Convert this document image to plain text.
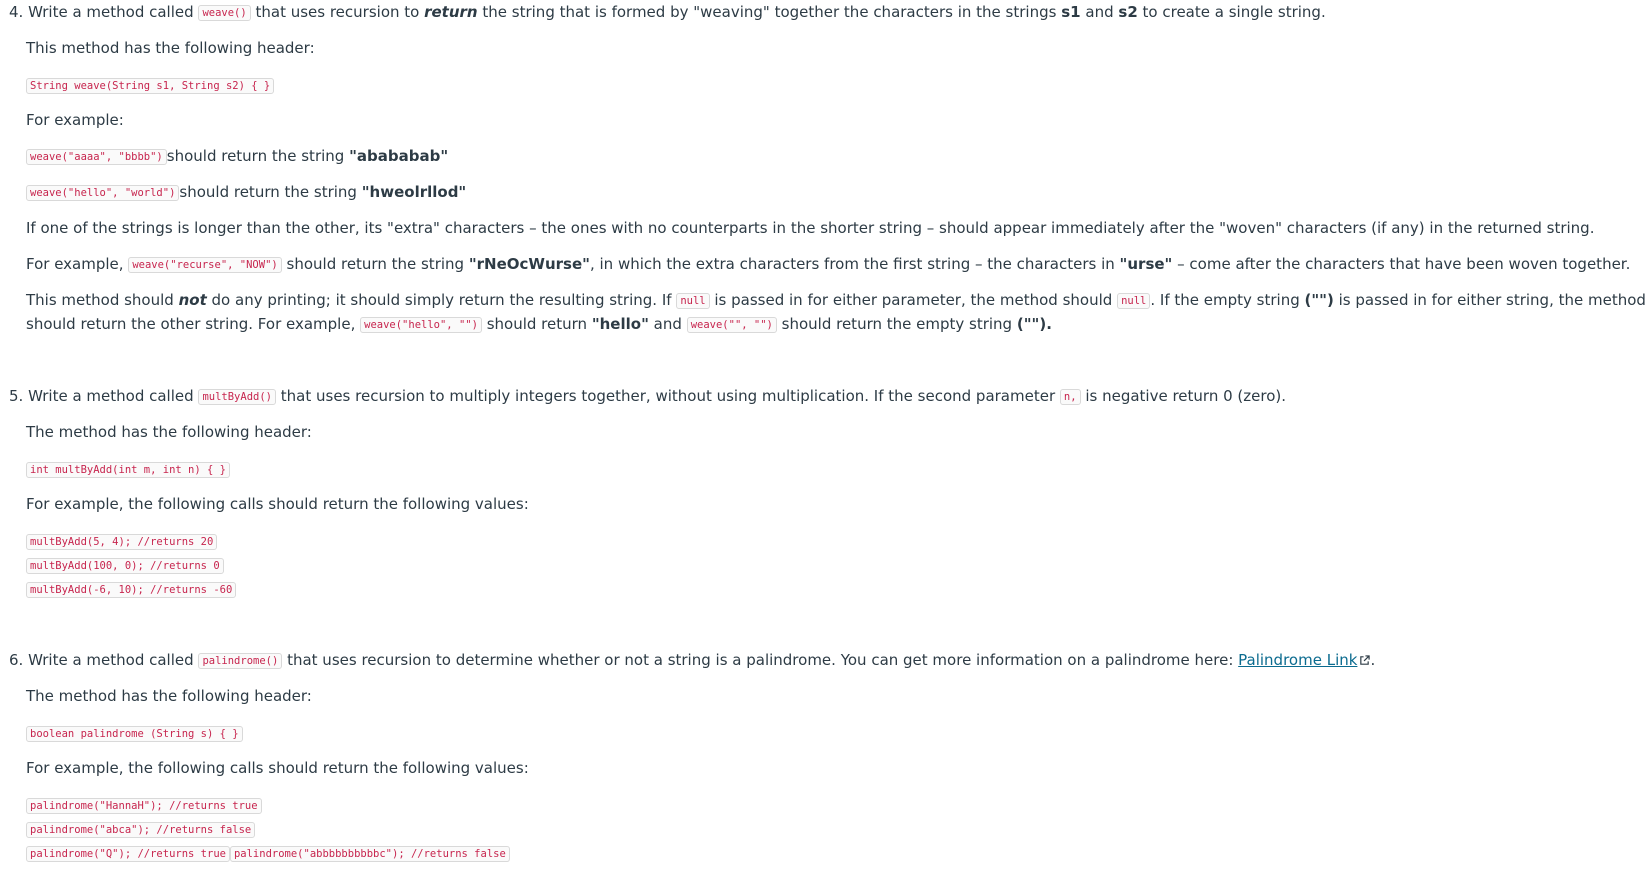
4. Write a method called weave() that uses recursion to return the string that is formed by "weaving" together the characters in the strings s1 and s2 to create a single string.
This method has the following header:
String weave(String s1, String s2) { }
For example:
weave("aaaa", "bbbb") should return the string "abababab"
weave("hello", "world") should return the string "hweolrllod"
If one of the strings is longer than the other, its "extra" characters – the ones with no counterparts in the shorter string – should appear immediately after the "woven" characters (if any) in the returned string.
For example, weave("recurse", "NOW") should return the string "rNeOcWurse", in which the extra characters from the first string – the characters in "urse" – come after the characters that have been woven together.
This method should not do any printing; it should simply return the resulting string. If null is passed in for either parameter, the method should null . If the empty string ("") is passed in for either string, the method
should return the other string. For example, weave("hello", "") should return "hello" and weave("", "") should return the empty string ("").
5. Write a method called multByAdd() that uses recursion to multiply integers together, without using multiplication. If the second parameter n, is negative return 0 (zero).
The method has the following header:
int multByAdd(int m, int n) { }
For example, the following calls should return the following values:
multByAdd(5, 4); //returns 20
multByAdd(100, 0); //returns 0
multByAdd(-6, 10); //returns -60
6. Write a method called palindrome() that uses recursion to determine whether or not a string is a palindrome. You can get more information on a palindrome here: Palindrome Link .
The method has the following header:
boolean palindrome (String s) { }
For example, the following calls should return the following values:
palindrome("HannaH"); //returns true
palindrome("abca"); //returns false
palindrome("Q"); //returns true palindrome("abbbbbbbbbbc"); //returns false
